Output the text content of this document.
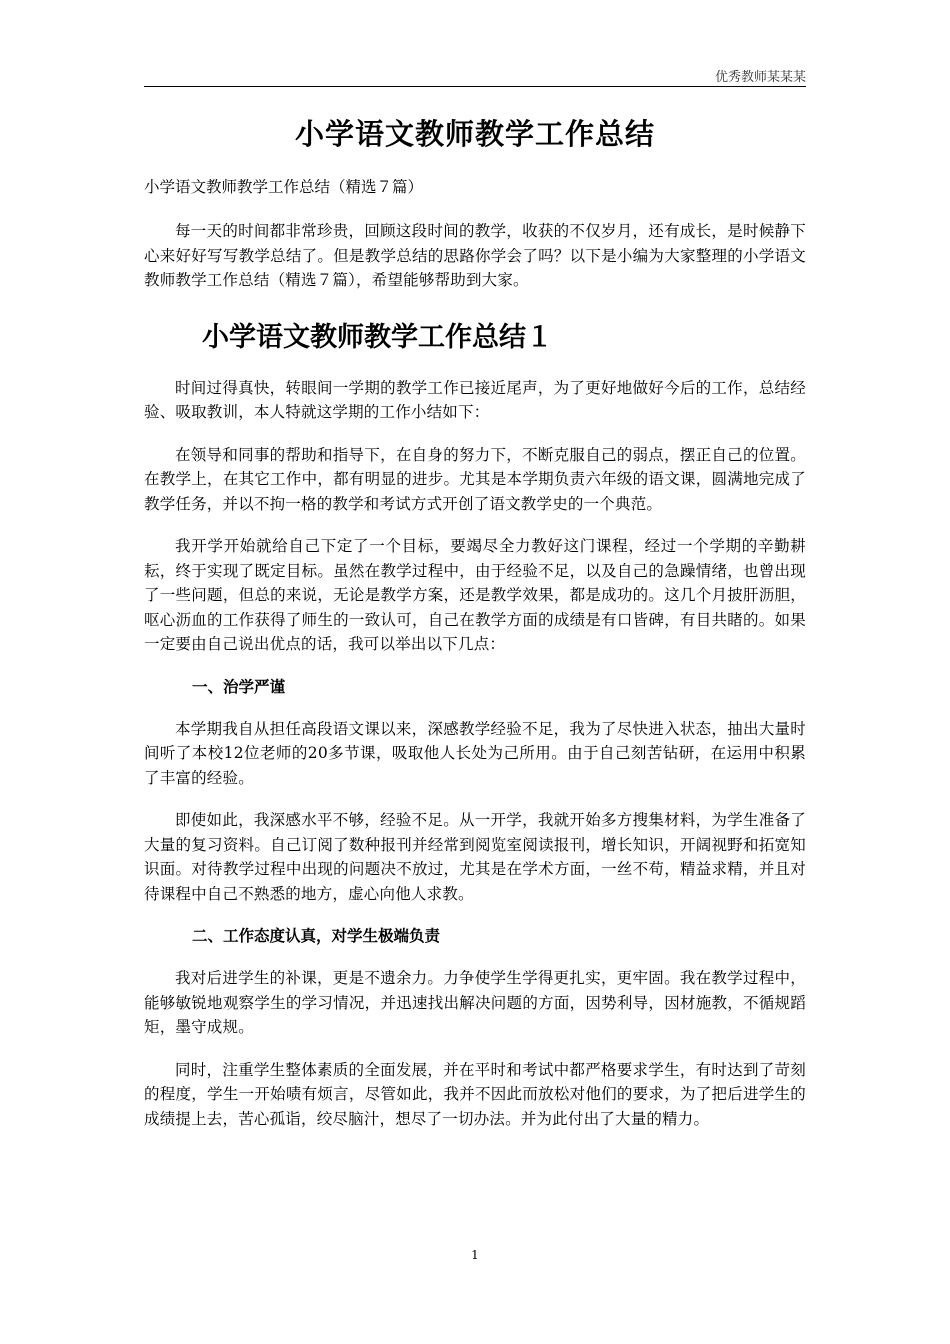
优秀教师某某某
小学语文教师教学工作总结
小学语文教师教学工作总结（精选７篇）

每一天的时间都非常珍贵，回顾这段时间的教学，收获的不仅岁月，还有成长，是时候静下心来好好写写教学总结了。但是教学总结的思路你学会了吗？以下是小编为大家整理的小学语文教师教学工作总结（精选７篇），希望能够帮助到大家。

小学语文教师教学工作总结１

时间过得真快，转眼间一学期的教学工作已接近尾声，为了更好地做好今后的工作，总结经验、吸取教训，本人特就这学期的工作小结如下：

在领导和同事的帮助和指导下，在自身的努力下，不断克服自己的弱点，摆正自己的位置。在教学上，在其它工作中，都有明显的进步。尤其是本学期负责六年级的语文课，圆满地完成了教学任务，并以不拘一格的教学和考试方式开创了语文教学史的一个典范。

我开学开始就给自己下定了一个目标，要竭尽全力教好这门课程，经过一个学期的辛勤耕耘，终于实现了既定目标。虽然在教学过程中，由于经验不足，以及自己的急躁情绪，也曾出现了一些问题，但总的来说，无论是教学方案，还是教学效果，都是成功的。这几个月披肝沥胆，呕心沥血的工作获得了师生的一致认可，自己在教学方面的成绩是有口皆碑，有目共睹的。如果一定要由自己说出优点的话，我可以举出以下几点：

一、治学严谨

本学期我自从担任高段语文课以来，深感教学经验不足，我为了尽快进入状态，抽出大量时间听了本校12位老师的20多节课，吸取他人长处为己所用。由于自己刻苦钻研，在运用中积累了丰富的经验。

即使如此，我深感水平不够，经验不足。从一开学，我就开始多方搜集材料，为学生准备了大量的复习资料。自己订阅了数种报刊并经常到阅览室阅读报刊，增长知识，开阔视野和拓宽知识面。对待教学过程中出现的问题决不放过，尤其是在学术方面，一丝不苟，精益求精，并且对待课程中自己不熟悉的地方，虚心向他人求教。

二、工作态度认真，对学生极端负责

我对后进学生的补课，更是不遗余力。力争使学生学得更扎实，更牢固。我在教学过程中，能够敏锐地观察学生的学习情况，并迅速找出解决问题的方面，因势利导，因材施教，不循规蹈矩，墨守成规。

同时，注重学生整体素质的全面发展，并在平时和考试中都严格要求学生，有时达到了苛刻的程度，学生一开始啧有烦言，尽管如此，我并不因此而放松对他们的要求，为了把后进学生的成绩提上去，苦心孤诣，绞尽脑汁，想尽了一切办法。并为此付出了大量的精力。

1
